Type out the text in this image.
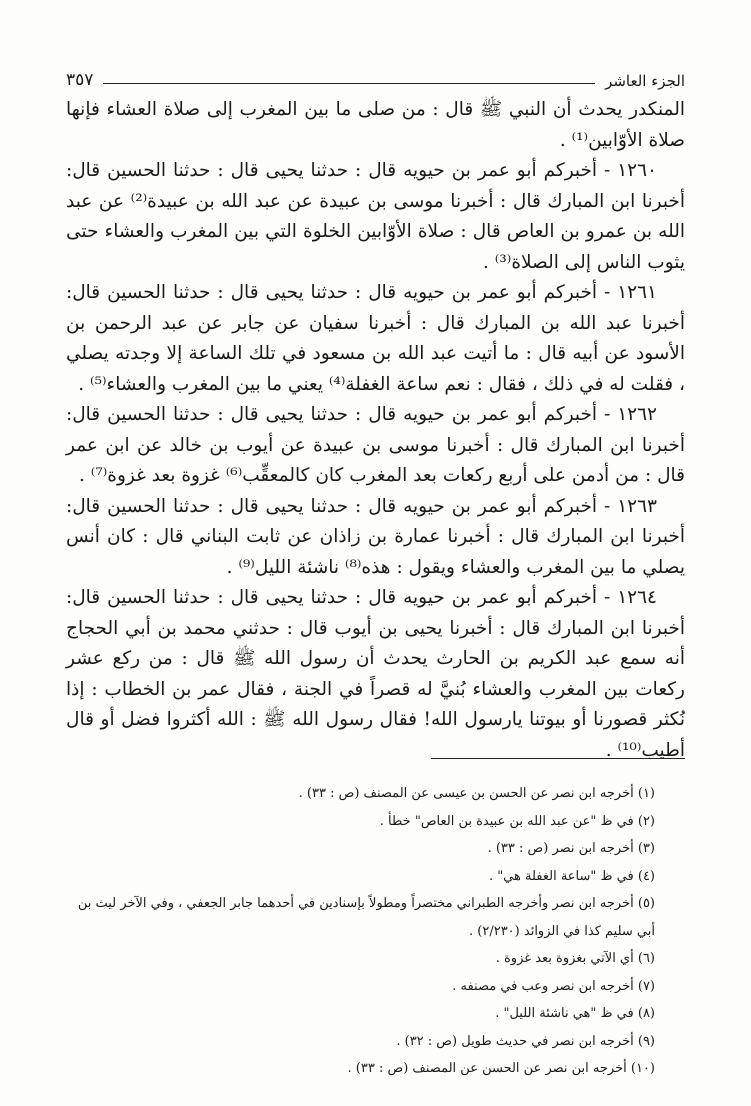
الجزء العاشر
٣٥٧

المنكدر يحدث أن النبي ﷺ قال : من صلى ما بين المغرب إلى صلاة العشاء فإنها صلاة الأوّابين⁽¹⁾ .

١٢٦٠ - أخبركم أبو عمر بن حيويه قال : حدثنا يحيى قال : حدثنا الحسين قال: أخبرنا ابن المبارك قال : أخبرنا موسى بن عبيدة عن عبد الله بن عبيدة⁽²⁾ عن عبد الله بن عمرو بن العاص قال : صلاة الأوّابين الخلوة التي بين المغرب والعشاء حتى يثوب الناس إلى الصلاة⁽³⁾ .

١٢٦١ - أخبركم أبو عمر بن حيويه قال : حدثنا يحيى قال : حدثنا الحسين قال: أخبرنا عبد الله بن المبارك قال : أخبرنا سفيان عن جابر عن عبد الرحمن بن الأسود عن أبيه قال : ما أتيت عبد الله بن مسعود في تلك الساعة إلا وجدته يصلي ، فقلت له في ذلك ، فقال : نعم ساعة الغفلة⁽⁴⁾ يعني ما بين المغرب والعشاء⁽⁵⁾ .

١٢٦٢ - أخبركم أبو عمر بن حيويه قال : حدثنا يحيى قال : حدثنا الحسين قال: أخبرنا ابن المبارك قال : أخبرنا موسى بن عبيدة عن أيوب بن خالد عن ابن عمر قال : من أدمن على أربع ركعات بعد المغرب كان كالمعقِّب⁽⁶⁾ غزوة بعد غزوة⁽⁷⁾ .

١٢٦٣ - أخبركم أبو عمر بن حيويه قال : حدثنا يحيى قال : حدثنا الحسين قال: أخبرنا ابن المبارك قال : أخبرنا عمارة بن زاذان عن ثابت البناني قال : كان أنس يصلي ما بين المغرب والعشاء ويقول : هذه⁽⁸⁾ ناشئة الليل⁽⁹⁾ .

١٢٦٤ - أخبركم أبو عمر بن حيويه قال : حدثنا يحيى قال : حدثنا الحسين قال: أخبرنا ابن المبارك قال : أخبرنا يحيى بن أيوب قال : حدثني محمد بن أبي الحجاج أنه سمع عبد الكريم بن الحارث يحدث أن رسول الله ﷺ قال : من ركع عشر ركعات بين المغرب والعشاء بُنيَّ له قصراً في الجنة ، فقال عمر بن الخطاب : إذا نُكثر قصورنا أو بيوتنا يارسول الله! فقال رسول الله ﷺ : الله أكثروا فضل أو قال أطيب⁽¹⁰⁾ .

(١) أخرجه ابن نصر عن الحسن بن عيسى عن المصنف (ص : ٣٣) .

(٢) في ظ "عن عبد الله بن عبيدة بن العاص" خطأ .

(٣) أخرجه ابن نصر (ص : ٣٣) .

(٤) في ظ "ساعة الغفلة هي" .

(٥) أخرجه ابن نصر وأخرجه الطبراني مختصراً ومطولاً بإسنادين في أحدهما جابر الجعفي ، وفي الآخر ليث بن أبي سليم كذا في الزوائد (٢/٢٣٠) .

(٦) أي الآتي بغزوة بعد غزوة .

(٧) أخرجه ابن نصر وعب في مصنفه .

(٨) في ظ "هي ناشئة الليل" .

(٩) أخرجه ابن نصر في حديث طويل (ص : ٣٢) .

(١٠) أخرجه ابن نصر عن الحسن عن المصنف (ص : ٣٣) .
